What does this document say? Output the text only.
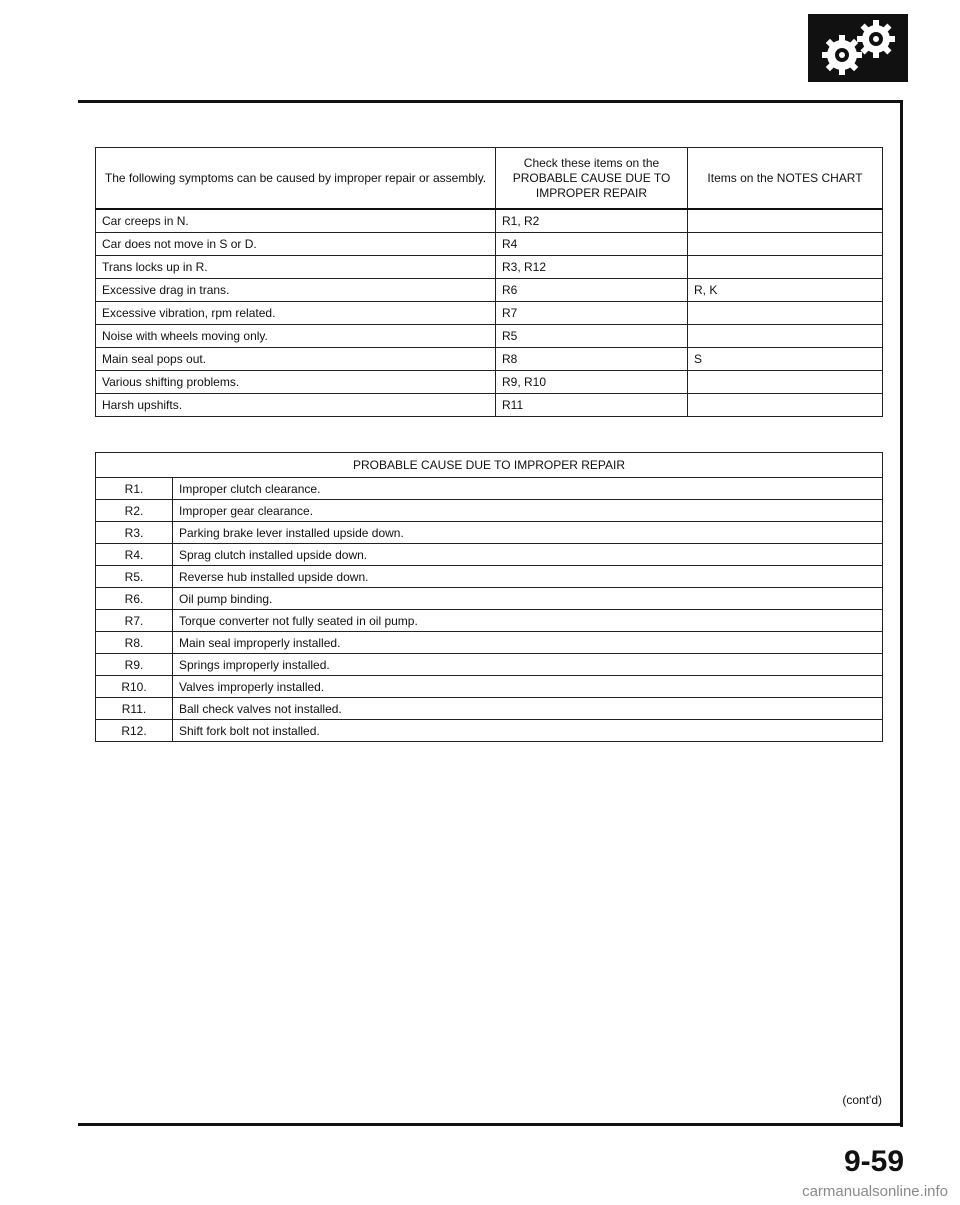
The following symptoms can be caused by improper repair or assembly.	Check these items on the PROBABLE CAUSE DUE TO IMPROPER REPAIR	Items on the NOTES CHART
Car creeps in N.	R1, R2	
Car does not move in S or D.	R4	
Trans locks up in R.	R3, R12	
Excessive drag in trans.	R6	R, K
Excessive vibration, rpm related.	R7	
Noise with wheels moving only.	R5	
Main seal pops out.	R8	S
Various shifting problems.	R9, R10	
Harsh upshifts.	R11	
PROBABLE CAUSE DUE TO IMPROPER REPAIR	
R1.	Improper clutch clearance.
R2.	Improper gear clearance.
R3.	Parking brake lever installed upside down.
R4.	Sprag clutch installed upside down.
R5.	Reverse hub installed upside down.
R6.	Oil pump binding.
R7.	Torque converter not fully seated in oil pump.
R8.	Main seal improperly installed.
R9.	Springs improperly installed.
R10.	Valves improperly installed.
R11.	Ball check valves not installed.
R12.	Shift fork bolt not installed.
(cont'd)
9-59
carmanualsonline.info
